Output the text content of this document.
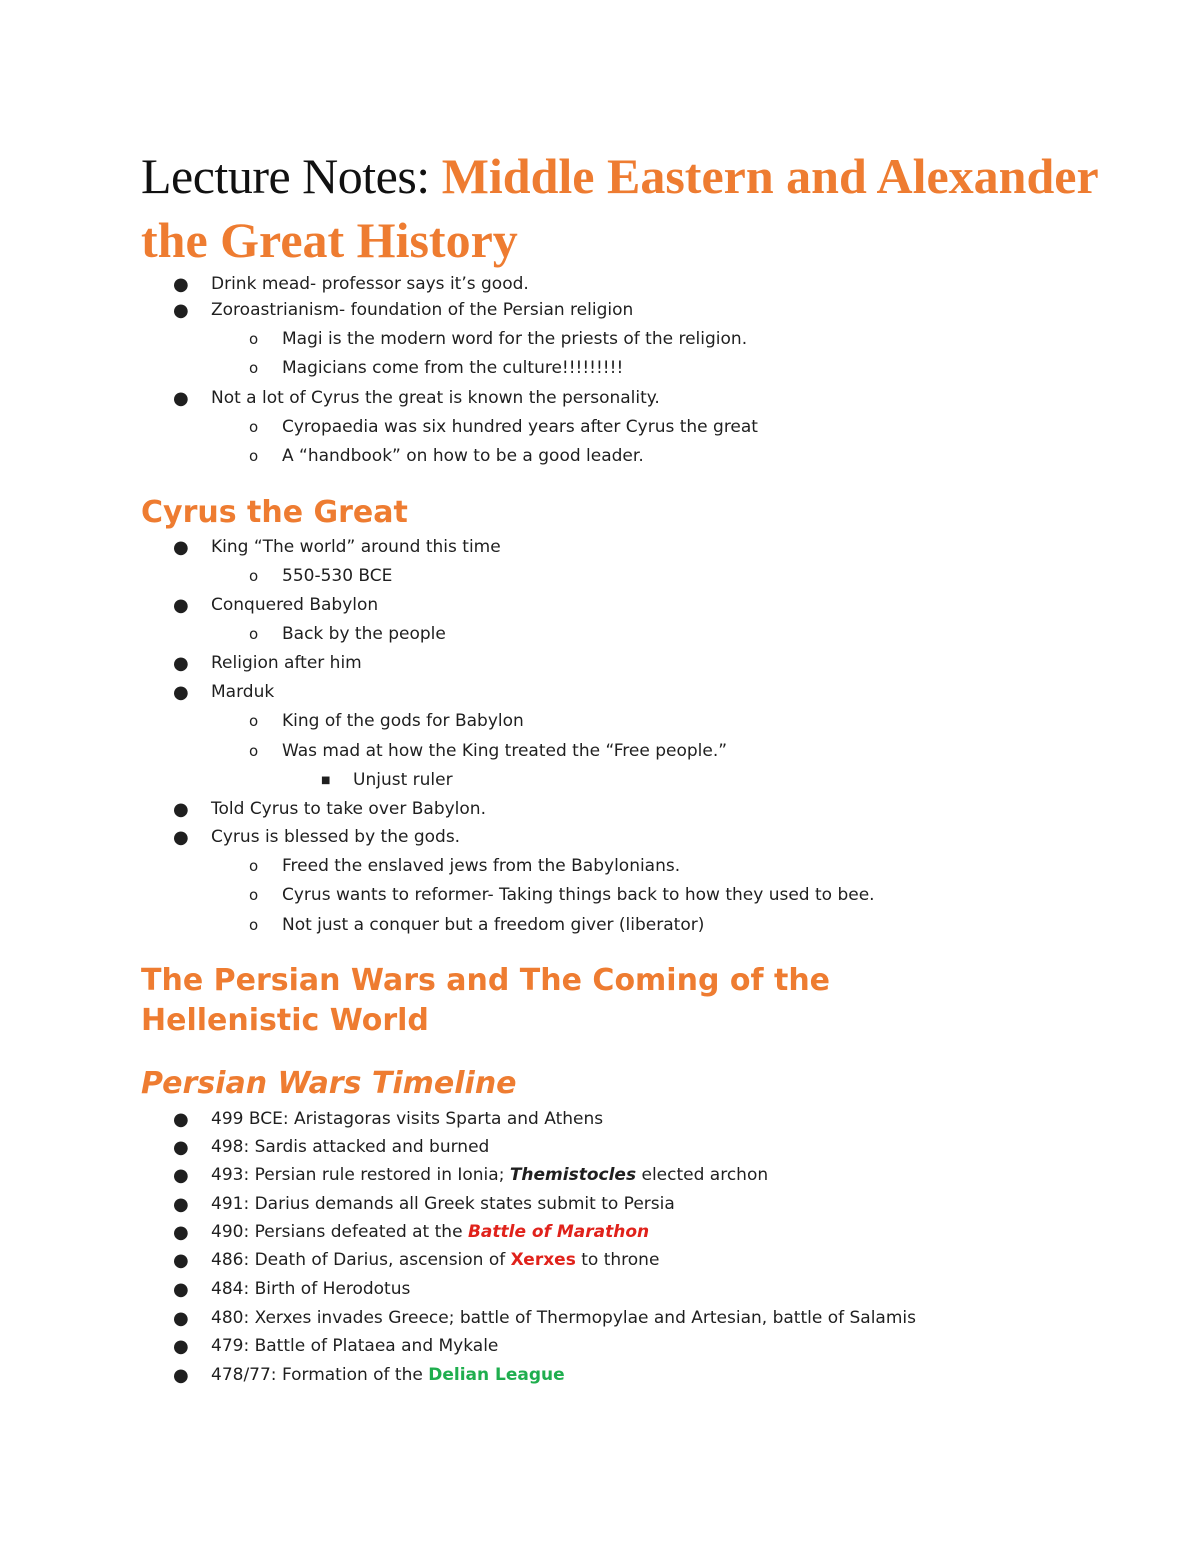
Lecture Notes: Middle Eastern and Alexander the Great History
● Drink mead- professor says it’s good.
● Zoroastrianism- foundation of the Persian religion
o Magi is the modern word for the priests of the religion.
o Magicians come from the culture!!!!!!!!!
● Not a lot of Cyrus the great is known the personality.
o Cyropaedia was six hundred years after Cyrus the great
o A “handbook” on how to be a good leader.
Cyrus the Great
● King “The world” around this time
o 550-530 BCE
● Conquered Babylon
o Back by the people
● Religion after him
● Marduk
o King of the gods for Babylon
o Was mad at how the King treated the “Free people.”
■ Unjust ruler
● Told Cyrus to take over Babylon.
● Cyrus is blessed by the gods.
o Freed the enslaved jews from the Babylonians.
o Cyrus wants to reformer- Taking things back to how they used to bee.
o Not just a conquer but a freedom giver (liberator)
The Persian Wars and The Coming of the Hellenistic World
Persian Wars Timeline
● 499 BCE: Aristagoras visits Sparta and Athens
● 498: Sardis attacked and burned
● 493: Persian rule restored in Ionia; Themistocles elected archon
● 491: Darius demands all Greek states submit to Persia
● 490: Persians defeated at the Battle of Marathon
● 486: Death of Darius, ascension of Xerxes to throne
● 484: Birth of Herodotus
● 480: Xerxes invades Greece; battle of Thermopylae and Artesian, battle of Salamis
● 479: Battle of Plataea and Mykale
● 478/77: Formation of the Delian League
